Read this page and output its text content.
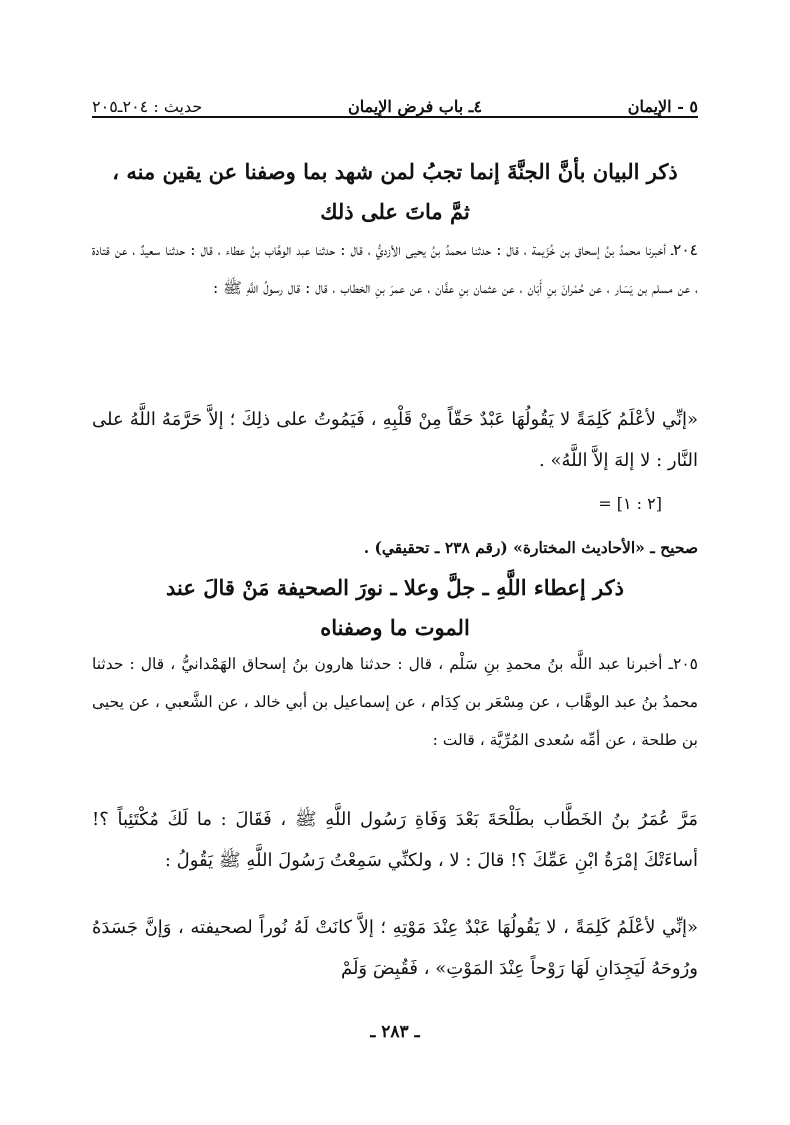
٥ - الإيمان
٤ـ باب فرض الإيمان
حديث : ٢٠٤ـ٢٠٥
ذكر البيان بأنَّ الجنَّةَ إنما تجبُ لمن شهد بما وصفنا عن يقين منه ،
ثمَّ ماتَ على ذلك

٢٠٤ـ أخبرنا محمدُ بنُ إسحاق بن خُزَيمة ، قال : حدثنا محمدُ بنُ يحيى الأزديُّ ، قال : حدثنا عبد الوهَّاب بنُ عطاء ، قال : حدثنا سعيدٌ ، عن قتادة ، عن مسلم بن يَسَار ، عن حُمْرانَ بنِ أَبَان ، عن عثمان بنِ عفَّان ، عن عمرَ بنِ الخطاب ، قال : قال رسولُ اللَّهِ ﷺ :

«إنِّي لأعْلَمُ كَلِمَةً لا يَقُولُهَا عَبْدٌ حَقّاً مِنْ قَلْبِهِ ، فَيَمُوتُ على ذلِكَ ؛ إلاَّ حَرَّمَهُ اللَّهُ على النَّار : لا إلهَ إلاَّ اللَّهُ» .

[٢ : ١] =
صحيح ـ «الأحاديث المختارة» (رقم ٢٣٨ ـ تحقيقي) .
ذكر إعطاء اللَّهِ ـ جلَّ وعلا ـ نورَ الصحيفة مَنْ قالَ عند
الموت ما وصفناه

٢٠٥ـ أخبرنا عبد اللَّه بنُ محمدِ بنِ سَلْم ، قال : حدثنا هارون بنُ إسحاق الهَمْدانيُّ ، قال : حدثنا محمدُ بنُ عبد الوهَّاب ، عن مِسْعَر بن كِدَام ، عن إسماعيل بن أبي خالد ، عن الشَّعبي ، عن يحيى بن طلحة ، عن أمِّه سُعدى المُرِّيَّة ، قالت :

مَرَّ عُمَرُ بنُ الخَطَّاب بطَلْحَةَ بَعْدَ وَفَاةِ رَسُول اللَّهِ ﷺ ، فَقَالَ : ما لَكَ مُكْتَئِباً ؟! أساءَتْكَ إمْرَةُ ابْنِ عَمِّكَ ؟! قالَ : لا ، ولكنِّي سَمِعْتُ رَسُولَ اللَّهِ ﷺ يَقُولُ :

«إنِّي لأعْلَمُ كَلِمَةً ، لا يَقُولُهَا عَبْدٌ عِنْدَ مَوْتِهِ ؛ إلاَّ كانَتْ لَهُ نُوراً لصحيفته ، وَإنَّ جَسَدَهُ ورُوحَهُ لَيَجِدَانِ لَهَا رَوْحاً عِنْدَ المَوْتِ» ، فَقُبِضَ وَلَمْ

ـ ٢٨٣ ـ
